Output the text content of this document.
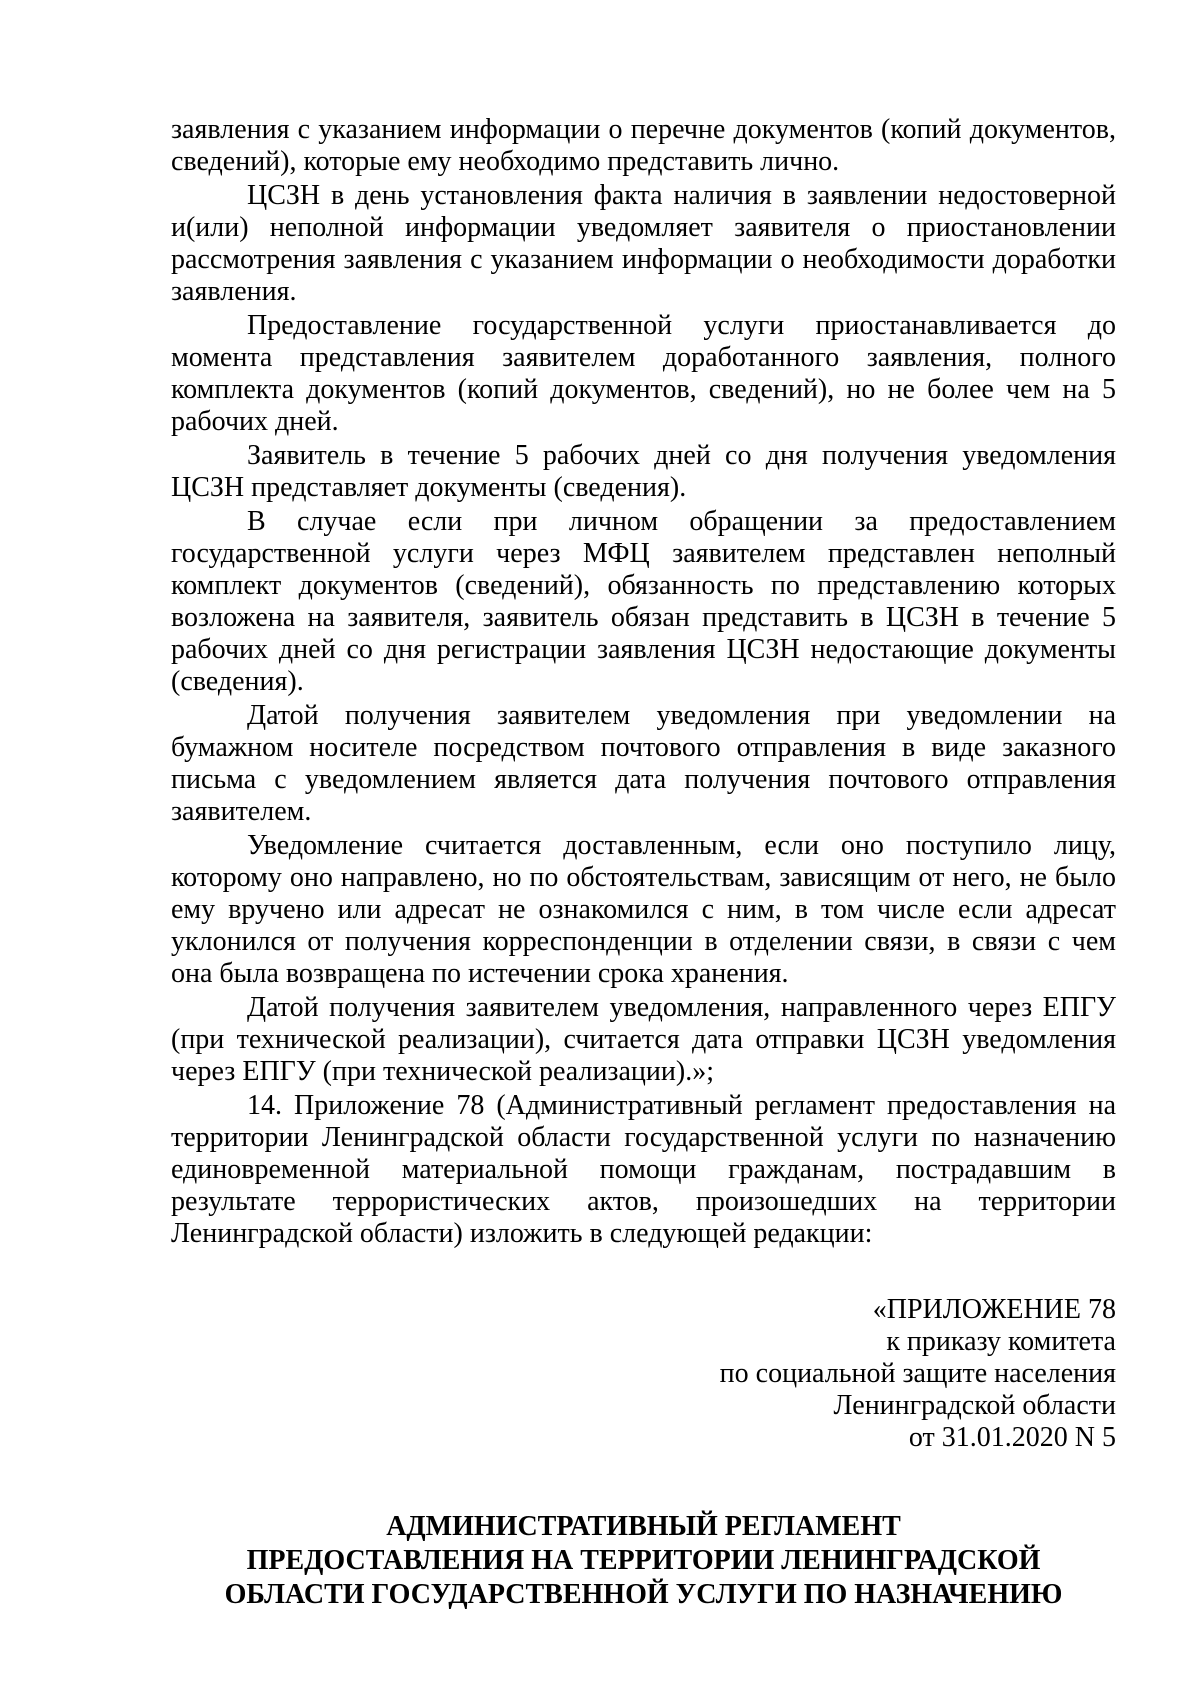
заявления с указанием информации о перечне документов (копий документов, сведений), которые ему необходимо представить лично.

ЦСЗН в день установления факта наличия в заявлении недостоверной и(или) неполной информации уведомляет заявителя о приостановлении рассмотрения заявления с указанием информации о необходимости доработки заявления.

Предоставление государственной услуги приостанавливается до момента представления заявителем доработанного заявления, полного комплекта документов (копий документов, сведений), но не более чем на 5 рабочих дней.

Заявитель в течение 5 рабочих дней со дня получения уведомления ЦСЗН представляет документы (сведения).

В случае если при личном обращении за предоставлением государственной услуги через МФЦ заявителем представлен неполный комплект документов (сведений), обязанность по представлению которых возложена на заявителя, заявитель обязан представить в ЦСЗН в течение 5 рабочих дней со дня регистрации заявления ЦСЗН недостающие документы (сведения).

Датой получения заявителем уведомления при уведомлении на бумажном носителе посредством почтового отправления в виде заказного письма с уведомлением является дата получения почтового отправления заявителем.

Уведомление считается доставленным, если оно поступило лицу, которому оно направлено, но по обстоятельствам, зависящим от него, не было ему вручено или адресат не ознакомился с ним, в том числе если адресат уклонился от получения корреспонденции в отделении связи, в связи с чем она была возвращена по истечении срока хранения.

Датой получения заявителем уведомления, направленного через ЕПГУ (при технической реализации), считается дата отправки ЦСЗН уведомления через ЕПГУ (при технической реализации).»;

14. Приложение 78 (Административный регламент предоставления на территории Ленинградской области государственной услуги по назначению единовременной материальной помощи гражданам, пострадавшим в результате террористических актов, произошедших на территории Ленинградской области) изложить в следующей редакции:

«ПРИЛОЖЕНИЕ 78
к приказу комитета
по социальной защите населения
Ленинградской области
от 31.01.2020 N 5
АДМИНИСТРАТИВНЫЙ РЕГЛАМЕНТ
ПРЕДОСТАВЛЕНИЯ НА ТЕРРИТОРИИ ЛЕНИНГРАДСКОЙ
ОБЛАСТИ ГОСУДАРСТВЕННОЙ УСЛУГИ ПО НАЗНАЧЕНИЮ
